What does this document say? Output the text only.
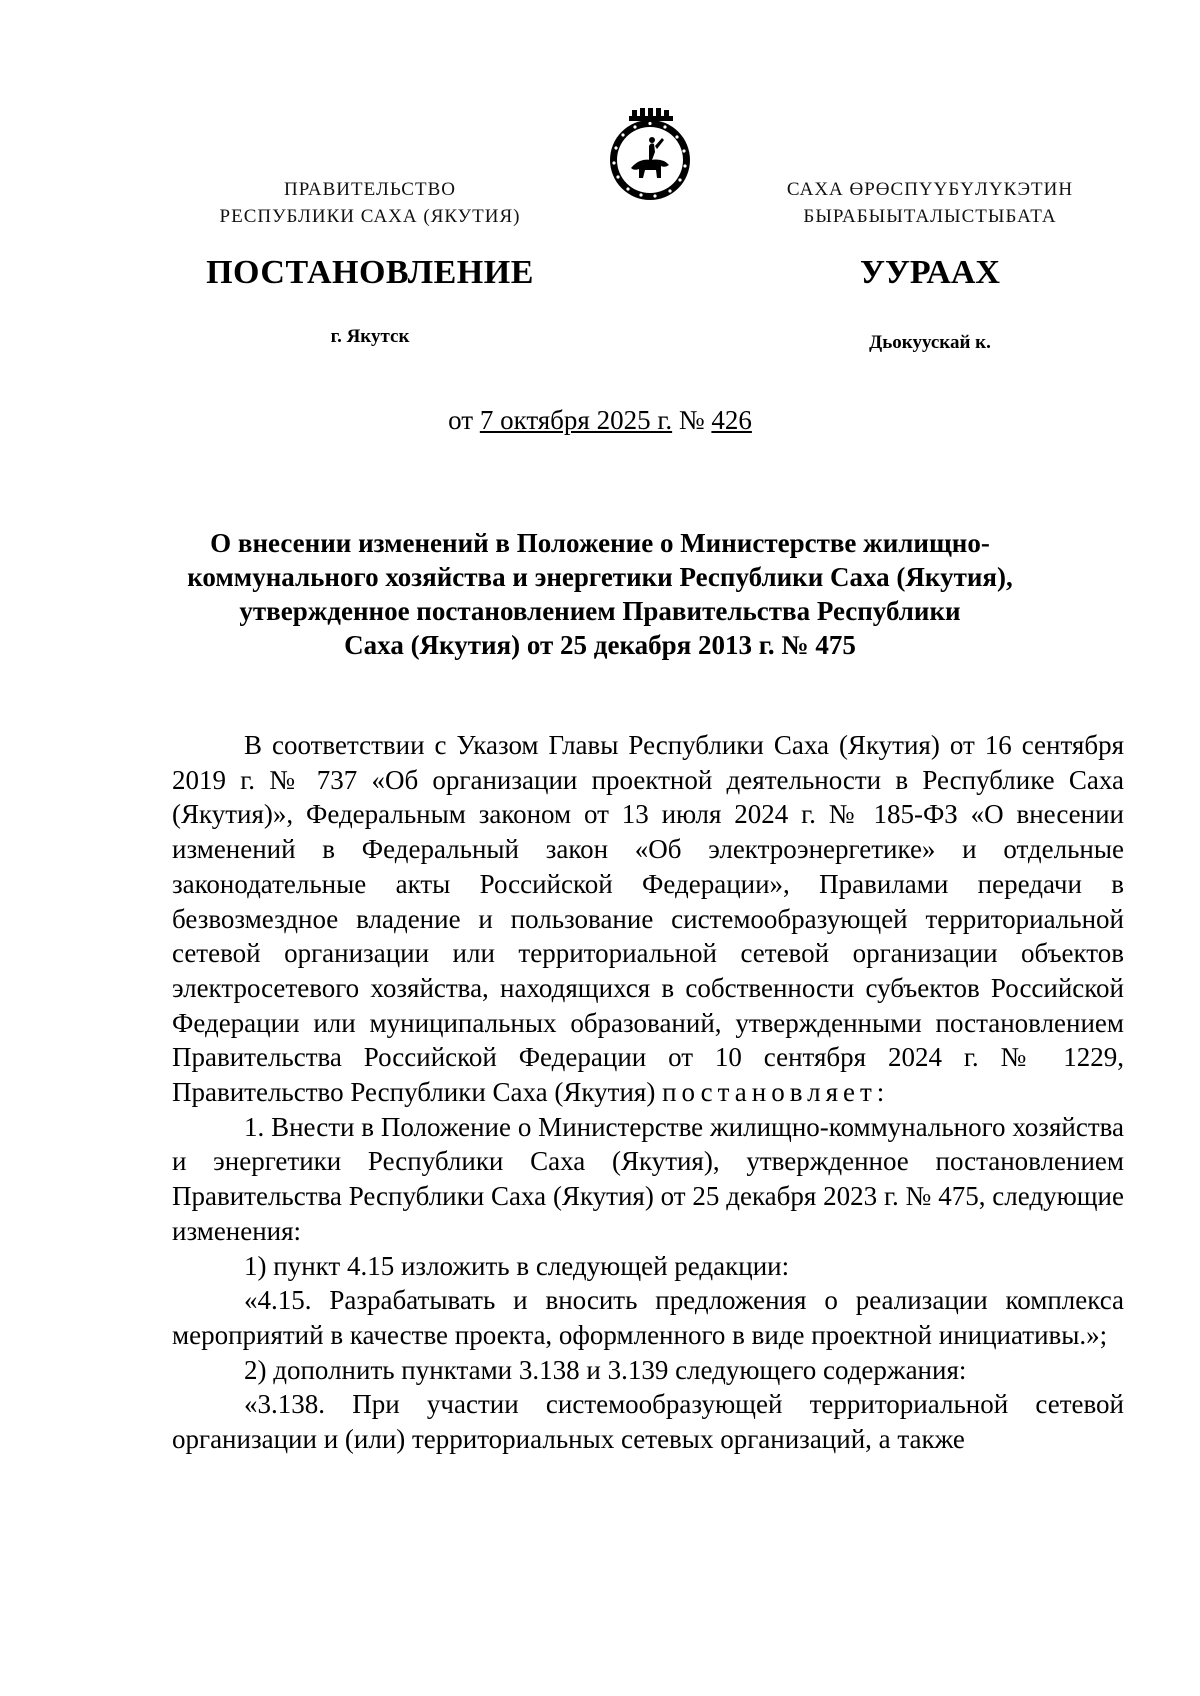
ПРАВИТЕЛЬСТВО
РЕСПУБЛИКИ САХА (ЯКУТИЯ)
САХА ӨРӨСПҮҮБҮЛҮКЭТИН
БЫРАБЫЫТАЛЫСТЫБАТА
ПОСТАНОВЛЕНИЕ	УУРААХ
г. Якутск	Дьокуускай к.
от 7 октября 2025 г. № 426
О внесении изменений в Положение о Министерстве жилищно-
коммунального хозяйства и энергетики Республики Саха (Якутия),
утвержденное постановлением Правительства Республики
Саха (Якутия) от 25 декабря 2013 г. № 475

В соответствии с Указом Главы Республики Саха (Якутия) от 16 сентября 2019 г. № 737 «Об организации проектной деятельности в Республике Саха (Якутия)», Федеральным законом от 13 июля 2024 г. № 185-ФЗ «О внесении изменений в Федеральный закон «Об электроэнергетике» и отдельные законодательные акты Российской Федерации», Правилами передачи в безвозмездное владение и пользование системообразующей территориальной сетевой организации или территориальной сетевой организации объектов электросетевого хозяйства, находящихся в собственности субъектов Российской Федерации или муниципальных образований, утвержденными постановлением Правительства Российской Федерации от 10 сентября 2024 г. № 1229, Правительство Республики Саха (Якутия) постановляет:

1. Внести в Положение о Министерстве жилищно-коммунального хозяйства и энергетики Республики Саха (Якутия), утвержденное постановлением Правительства Республики Саха (Якутия) от 25 декабря 2023 г. № 475, следующие изменения:

1) пункт 4.15 изложить в следующей редакции:

«4.15. Разрабатывать и вносить предложения о реализации комплекса мероприятий в качестве проекта, оформленного в виде проектной инициативы.»;

2) дополнить пунктами 3.138 и 3.139 следующего содержания:

«3.138. При участии системообразующей территориальной сетевой организации и (или) территориальных сетевых организаций, а также
